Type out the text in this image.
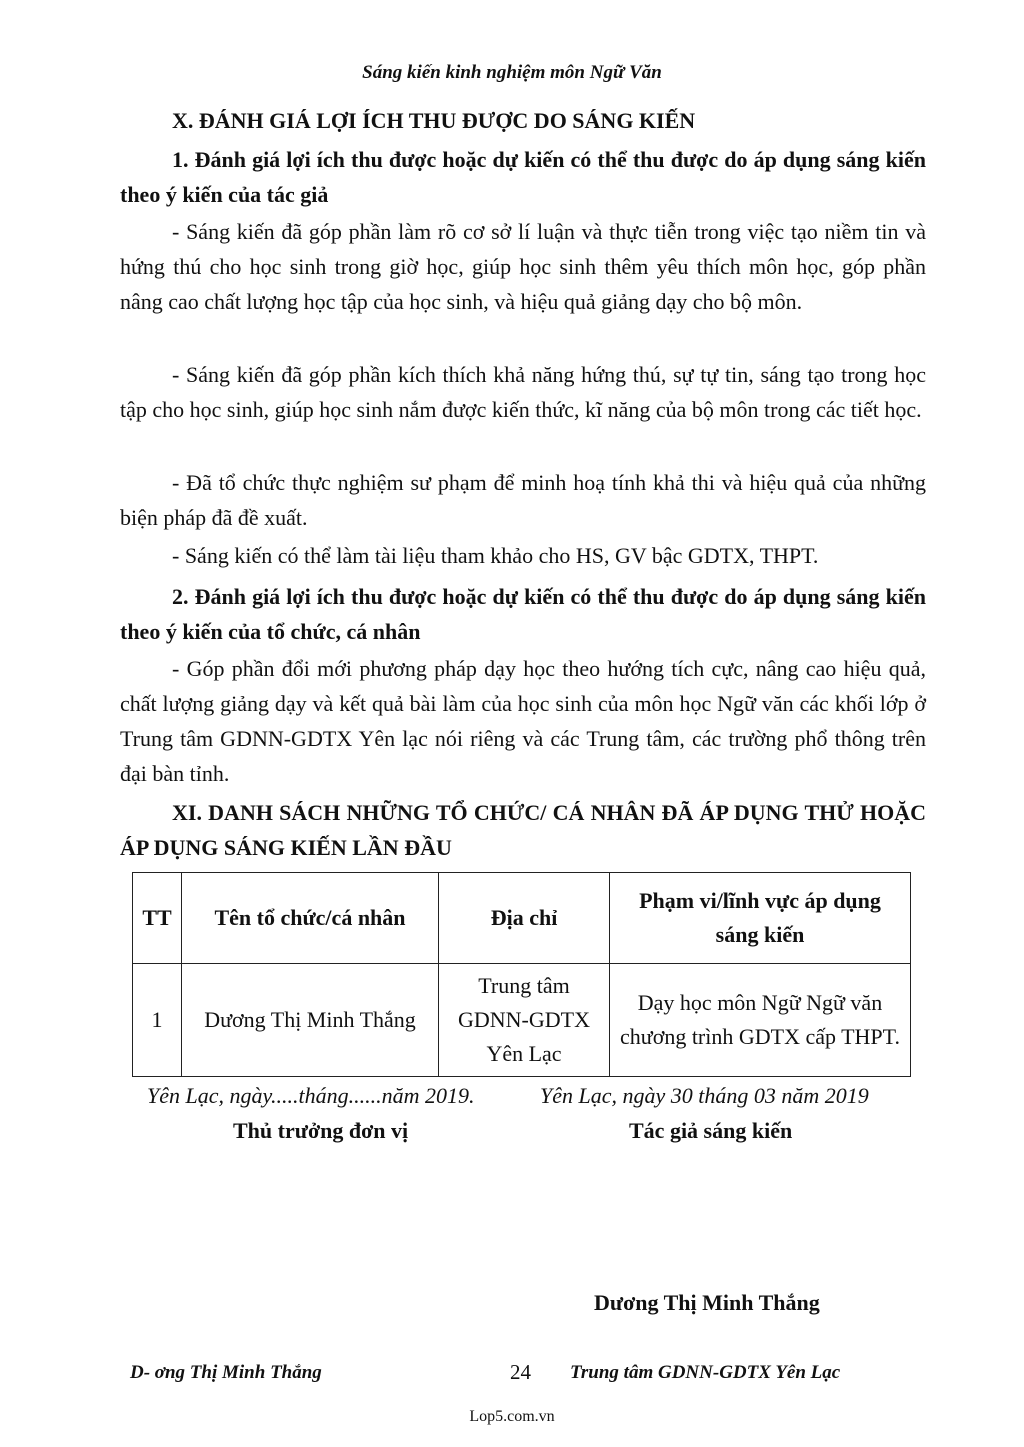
Sáng kiến kinh nghiệm môn Ngữ Văn
X. ĐÁNH GIÁ LỢI ÍCH THU ĐƯỢC DO SÁNG KIẾN
1. Đánh giá lợi ích thu được hoặc dự kiến có thể thu được do áp dụng sáng kiến theo ý kiến của tác giả
- Sáng kiến đã góp phần làm rõ cơ sở lí luận và thực tiễn trong việc tạo niềm tin và hứng thú cho học sinh trong giờ học, giúp học sinh thêm yêu thích môn học, góp phần nâng cao chất lượng học tập của học sinh, và hiệu quả giảng dạy cho bộ môn.
- Sáng kiến đã góp phần kích thích khả năng hứng thú, sự tự tin, sáng tạo trong học tập cho học sinh, giúp học sinh nắm được kiến thức, kĩ năng của bộ môn trong các tiết học.
- Đã tổ chức thực nghiệm sư phạm để minh hoạ tính khả thi và hiệu quả của những biện pháp đã đề xuất.
- Sáng kiến có thể làm tài liệu tham khảo cho HS, GV bậc GDTX, THPT.
2. Đánh giá lợi ích thu được hoặc dự kiến có thể thu được do áp dụng sáng kiến theo ý kiến của tổ chức, cá nhân
- Góp phần đổi mới phương pháp dạy học theo hướng tích cực, nâng cao hiệu quả, chất lượng giảng dạy và kết quả bài làm của học sinh của môn học Ngữ văn các khối lớp ở Trung tâm GDNN-GDTX Yên lạc nói riêng và các Trung tâm, các trường phổ thông trên đại bàn tỉnh.
XI. DANH SÁCH NHỮNG TỔ CHỨC/ CÁ NHÂN ĐÃ ÁP DỤNG THỬ HOẶC ÁP DỤNG SÁNG KIẾN LẦN ĐẦU
TT	Tên tổ chức/cá nhân	Địa chỉ	Phạm vi/lĩnh vực áp dụng sáng kiến
1	Dương Thị Minh Thắng	Trung tâm GDNN-GDTX Yên Lạc	Dạy học môn Ngữ Ngữ văn chương trình GDTX cấp THPT.
Yên Lạc, ngày.....tháng......năm 2019.	Yên Lạc, ngày 30 tháng 03 năm 2019
Thủ trưởng đơn vị	Tác giả sáng kiến
Dương Thị Minh Thắng
D- ơng Thị Minh Thắng	24 Trung tâm GDNN-GDTX Yên Lạc
Lop5.com.vn
